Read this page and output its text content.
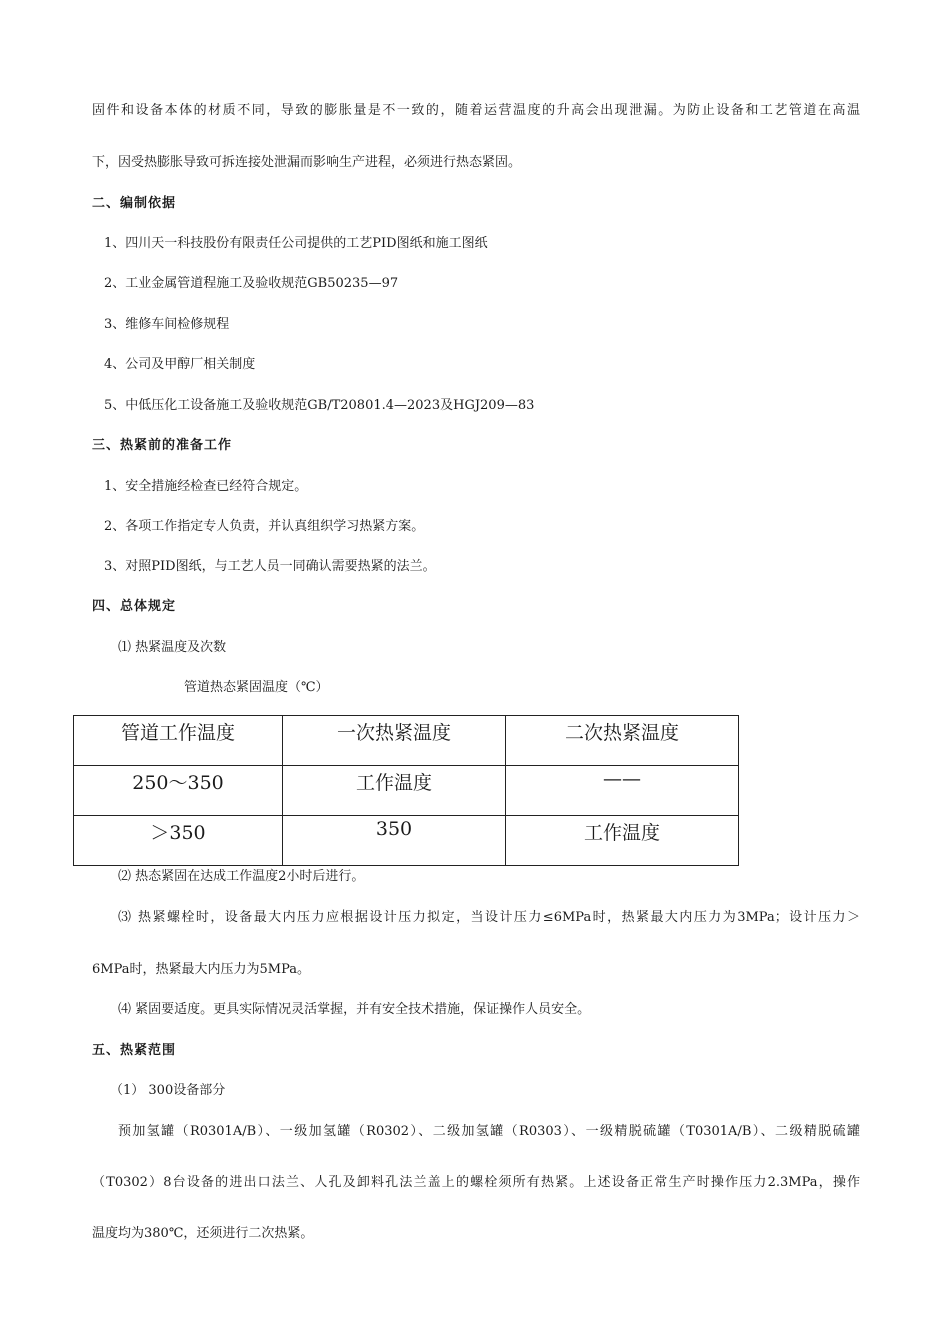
固件和设备本体的材质不同，导致的膨胀量是不一致的，随着运营温度的升高会出现泄漏。为防止设备和工艺管道在高温
下，因受热膨胀导致可拆连接处泄漏而影响生产进程，必须进行热态紧固。
二、编制依据
1、四川天一科技股份有限责任公司提供的工艺PID图纸和施工图纸
2、工业金属管道程施工及验收规范GB50235—97
3、维修车间检修规程
4、公司及甲醇厂相关制度
5、中低压化工设备施工及验收规范GB/T20801.4—2023及HGJ209—83
三、热紧前的准备工作
1、安全措施经检查已经符合规定。
2、各项工作指定专人负责，并认真组织学习热紧方案。
3、对照PID图纸，与工艺人员一同确认需要热紧的法兰。
四、总体规定
⑴ 热紧温度及次数
管道热态紧固温度（℃）
管道工作温度	一次热紧温度	二次热紧温度
250～350	工作温度	——
＞350	350	工作温度
⑵ 热态紧固在达成工作温度2小时后进行。
⑶ 热紧螺栓时，设备最大内压力应根据设计压力拟定，当设计压力≤6MPa时，热紧最大内压力为3MPa；设计压力＞
6MPa时，热紧最大内压力为5MPa。
⑷ 紧固要适度。更具实际情况灵活掌握，并有安全技术措施，保证操作人员安全。
五、热紧范围
（1） 300设备部分
预加氢罐（R0301A/B）、一级加氢罐（R0302）、二级加氢罐（R0303）、一级精脱硫罐（T0301A/B）、二级精脱硫罐
（T0302）8台设备的进出口法兰、人孔及卸料孔法兰盖上的螺栓须所有热紧。上述设备正常生产时操作压力2.3MPa，操作
温度均为380℃，还须进行二次热紧。
